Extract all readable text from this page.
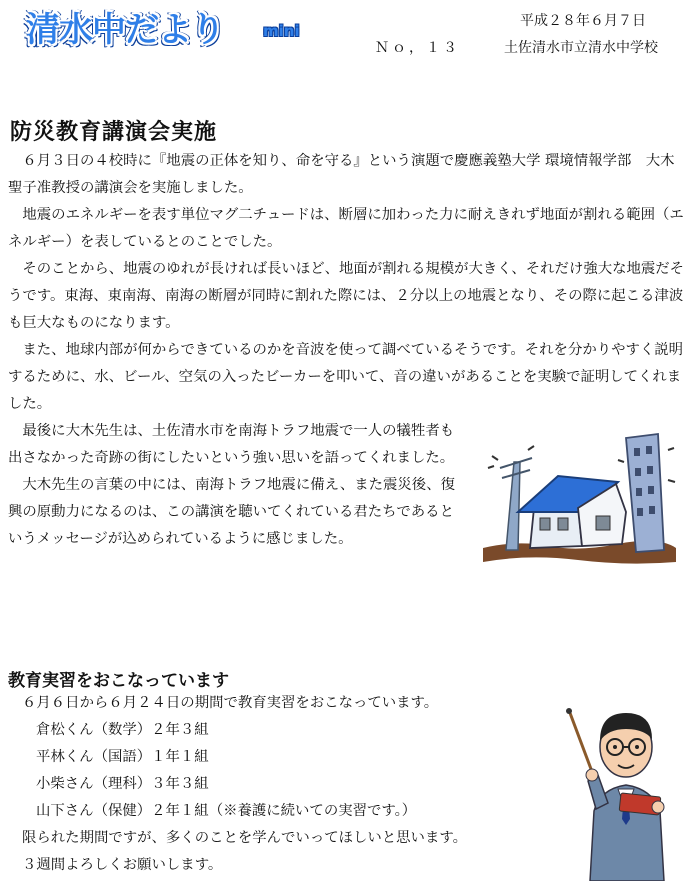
清水中だより	mini
平成２８年６月７日
Ｎｏ，１３	土佐清水市立清水中学校
防災教育講演会実施

６月３日の４校時に『地震の正体を知り、命を守る』という演題で慶應義塾大学 環境情報学部　大木聖子准教授の講演会を実施しました。

地震のエネルギーを表す単位マグ二チュードは、断層に加わった力に耐えきれず地面が割れる範囲（エネルギー）を表しているとのことでした。

そのことから、地震のゆれが長ければ長いほど、地面が割れる規模が大きく、それだけ強大な地震だそうです。東海、東南海、南海の断層が同時に割れた際には、２分以上の地震となり、その際に起こる津波も巨大なものになります。

また、地球内部が何からできているのかを音波を使って調べているそうです。それを分かりやすく説明するために、水、ビール、空気の入ったビーカーを叩いて、音の違いがあることを実験で証明してくれました。

最後に大木先生は、土佐清水市を南海トラフ地震で一人の犠牲者も出さなかった奇跡の街にしたいという強い思いを語ってくれました。

大木先生の言葉の中には、南海トラフ地震に備え、また震災後、復興の原動力になるのは、この講演を聴いてくれている君たちであるというメッセージが込められているように感じました。

教育実習をおこなっています
６月６日から６月２４日の期間で教育実習をおこなっています。
倉松くん（数学）２年３組
平林くん（国語）１年１組
小柴さん（理科）３年３組
山下さん（保健）２年１組（※養護に続いての実習です。）
限られた期間ですが、多くのことを学んでいってほしいと思います。
３週間よろしくお願いします。
